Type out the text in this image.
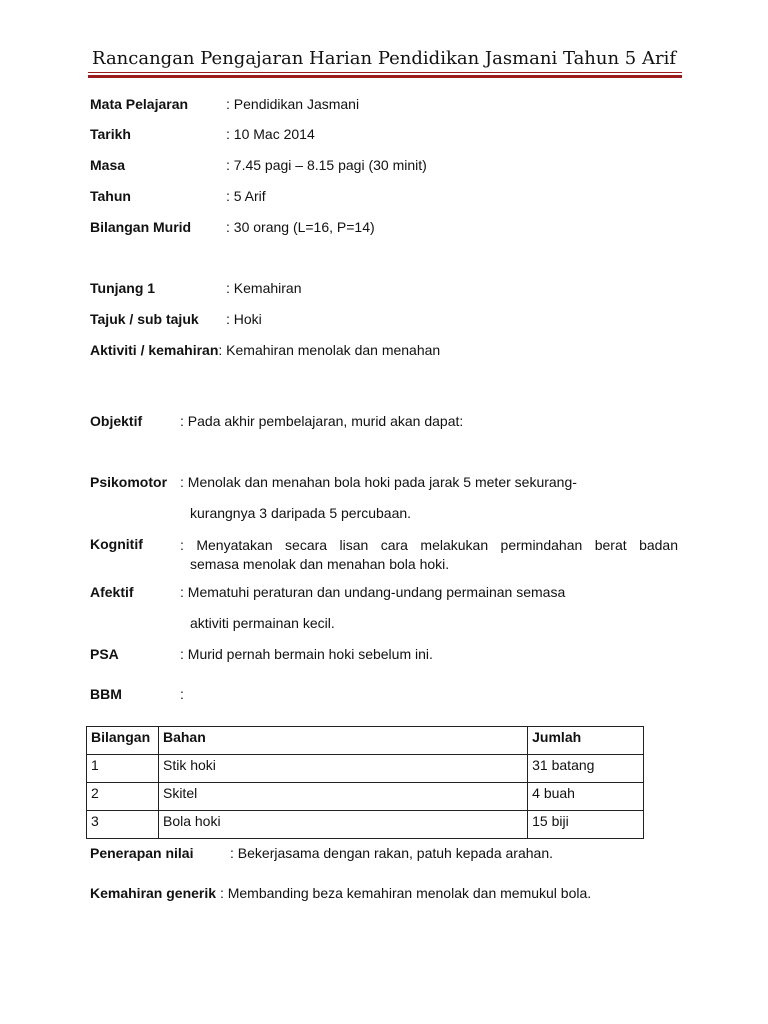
Rancangan Pengajaran Harian Pendidikan Jasmani Tahun 5 Arif
Mata Pelajaran	: Pendidikan Jasmani
Tarikh	: 10 Mac 2014
Masa	: 7.45 pagi – 8.15 pagi (30 minit)
Tahun	: 5 Arif
Bilangan Murid : 30 orang (L=16, P=14)
Tunjang 1	: Kemahiran
Tajuk / sub tajuk : Hoki
Aktiviti / kemahiran: Kemahiran menolak dan menahan
Objektif	: Pada akhir pembelajaran, murid akan dapat:
Psikomotor : Menolak dan menahan bola hoki pada jarak 5 meter sekurang-
kurangnya 3 daripada 5 percubaan.
Kognitif	: Menyatakan secara lisan cara melakukan permindahan berat badan
semasa menolak dan menahan bola hoki.
Afektif	: Mematuhi peraturan dan undang-undang permainan semasa
aktiviti permainan kecil.
PSA	: Murid pernah bermain hoki sebelum ini.
BBM	:
Bilangan	Bahan	Jumlah
1	Stik hoki	31 batang
2	Skitel	4 buah
3	Bola hoki	15 biji
Penerapan nilai	: Bekerjasama dengan rakan, patuh kepada arahan.
Kemahiran generik : Membanding beza kemahiran menolak dan memukul bola.
